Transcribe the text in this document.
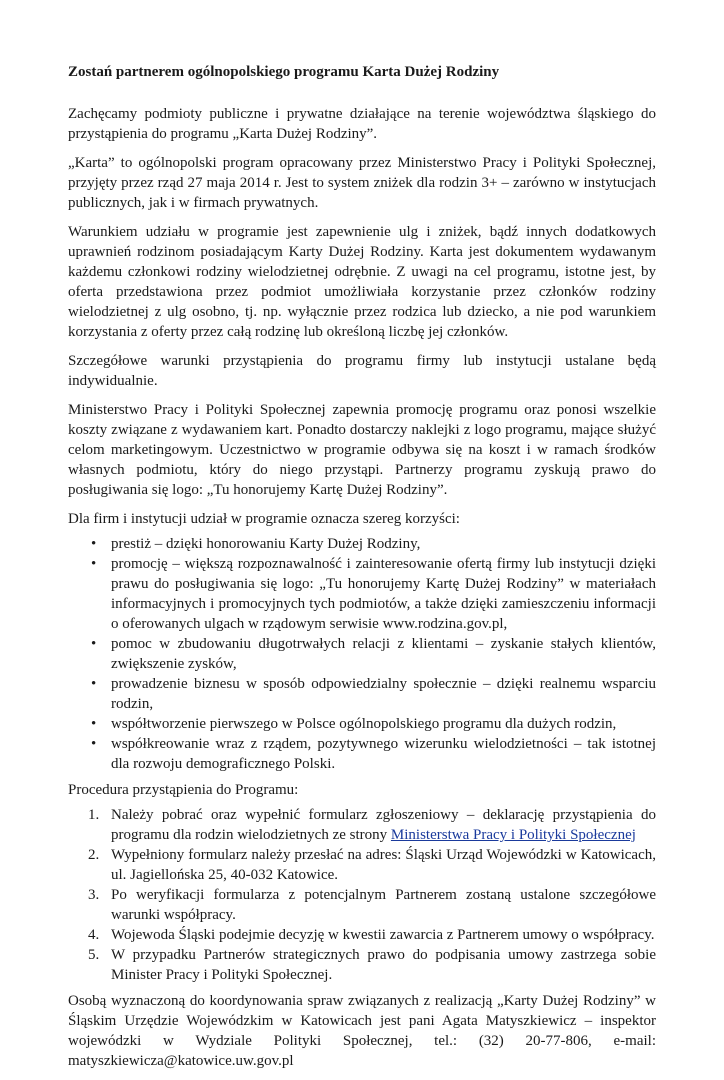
Zostań partnerem ogólnopolskiego programu Karta Dużej Rodziny

Zachęcamy podmioty publiczne i prywatne działające na terenie województwa śląskiego do przystąpienia do programu „Karta Dużej Rodziny”.

„Karta” to ogólnopolski program opracowany przez Ministerstwo Pracy i Polityki Społecznej, przyjęty przez rząd 27 maja 2014 r. Jest to system zniżek dla rodzin 3+ – zarówno w instytucjach publicznych, jak i w firmach prywatnych.

Warunkiem udziału w programie jest zapewnienie ulg i zniżek, bądź innych dodatkowych uprawnień rodzinom posiadającym Karty Dużej Rodziny. Karta jest dokumentem wydawanym każdemu członkowi rodziny wielodzietnej odrębnie. Z uwagi na cel programu, istotne jest, by oferta przedstawiona przez podmiot umożliwiała korzystanie przez członków rodziny wielodzietnej z ulg osobno, tj. np. wyłącznie przez rodzica lub dziecko, a nie pod warunkiem korzystania z oferty przez całą rodzinę lub określoną liczbę jej członków.

Szczegółowe warunki przystąpienia do programu firmy lub instytucji ustalane będą indywidualnie.

Ministerstwo Pracy i Polityki Społecznej zapewnia promocję programu oraz ponosi wszelkie koszty związane z wydawaniem kart. Ponadto dostarczy naklejki z logo programu, mające służyć celom marketingowym. Uczestnictwo w programie odbywa się na koszt i w ramach środków własnych podmiotu, który do niego przystąpi. Partnerzy programu zyskują prawo do posługiwania się logo: „Tu honorujemy Kartę Dużej Rodziny”.

Dla firm i instytucji udział w programie oznacza szereg korzyści:

• prestiż – dzięki honorowaniu Karty Dużej Rodziny,
• promocję – większą rozpoznawalność i zainteresowanie ofertą firmy lub instytucji dzięki prawu do posługiwania się logo: „Tu honorujemy Kartę Dużej Rodziny” w materiałach informacyjnych i promocyjnych tych podmiotów, a także dzięki zamieszczeniu informacji o oferowanych ulgach w rządowym serwisie www.rodzina.gov.pl,
• pomoc w zbudowaniu długotrwałych relacji z klientami – zyskanie stałych klientów, zwiększenie zysków,
• prowadzenie biznesu w sposób odpowiedzialny społecznie – dzięki realnemu wsparciu rodzin,
• współtworzenie pierwszego w Polsce ogólnopolskiego programu dla dużych rodzin,
• współkreowanie wraz z rządem, pozytywnego wizerunku wielodzietności – tak istotnej dla rozwoju demograficznego Polski.

Procedura przystąpienia do Programu:

1. Należy pobrać oraz wypełnić formularz zgłoszeniowy – deklarację przystąpienia do programu dla rodzin wielodzietnych ze strony Ministerstwa Pracy i Polityki Społecznej
2. Wypełniony formularz należy przesłać na adres: Śląski Urząd Wojewódzki w Katowicach, ul. Jagiellońska 25, 40-032 Katowice.
3. Po weryfikacji formularza z potencjalnym Partnerem zostaną ustalone szczegółowe warunki współpracy.
4. Wojewoda Śląski podejmie decyzję w kwestii zawarcia z Partnerem umowy o współpracy.
5. W przypadku Partnerów strategicznych prawo do podpisania umowy zastrzega sobie Minister Pracy i Polityki Społecznej.

Osobą wyznaczoną do koordynowania spraw związanych z realizacją „Karty Dużej Rodziny” w Śląskim Urzędzie Wojewódzkim w Katowicach jest pani Agata Matyszkiewicz – inspektor wojewódzki w Wydziale Polityki Społecznej, tel.: (32) 20-77-806, e-mail: matyszkiewicza@katowice.uw.gov.pl
